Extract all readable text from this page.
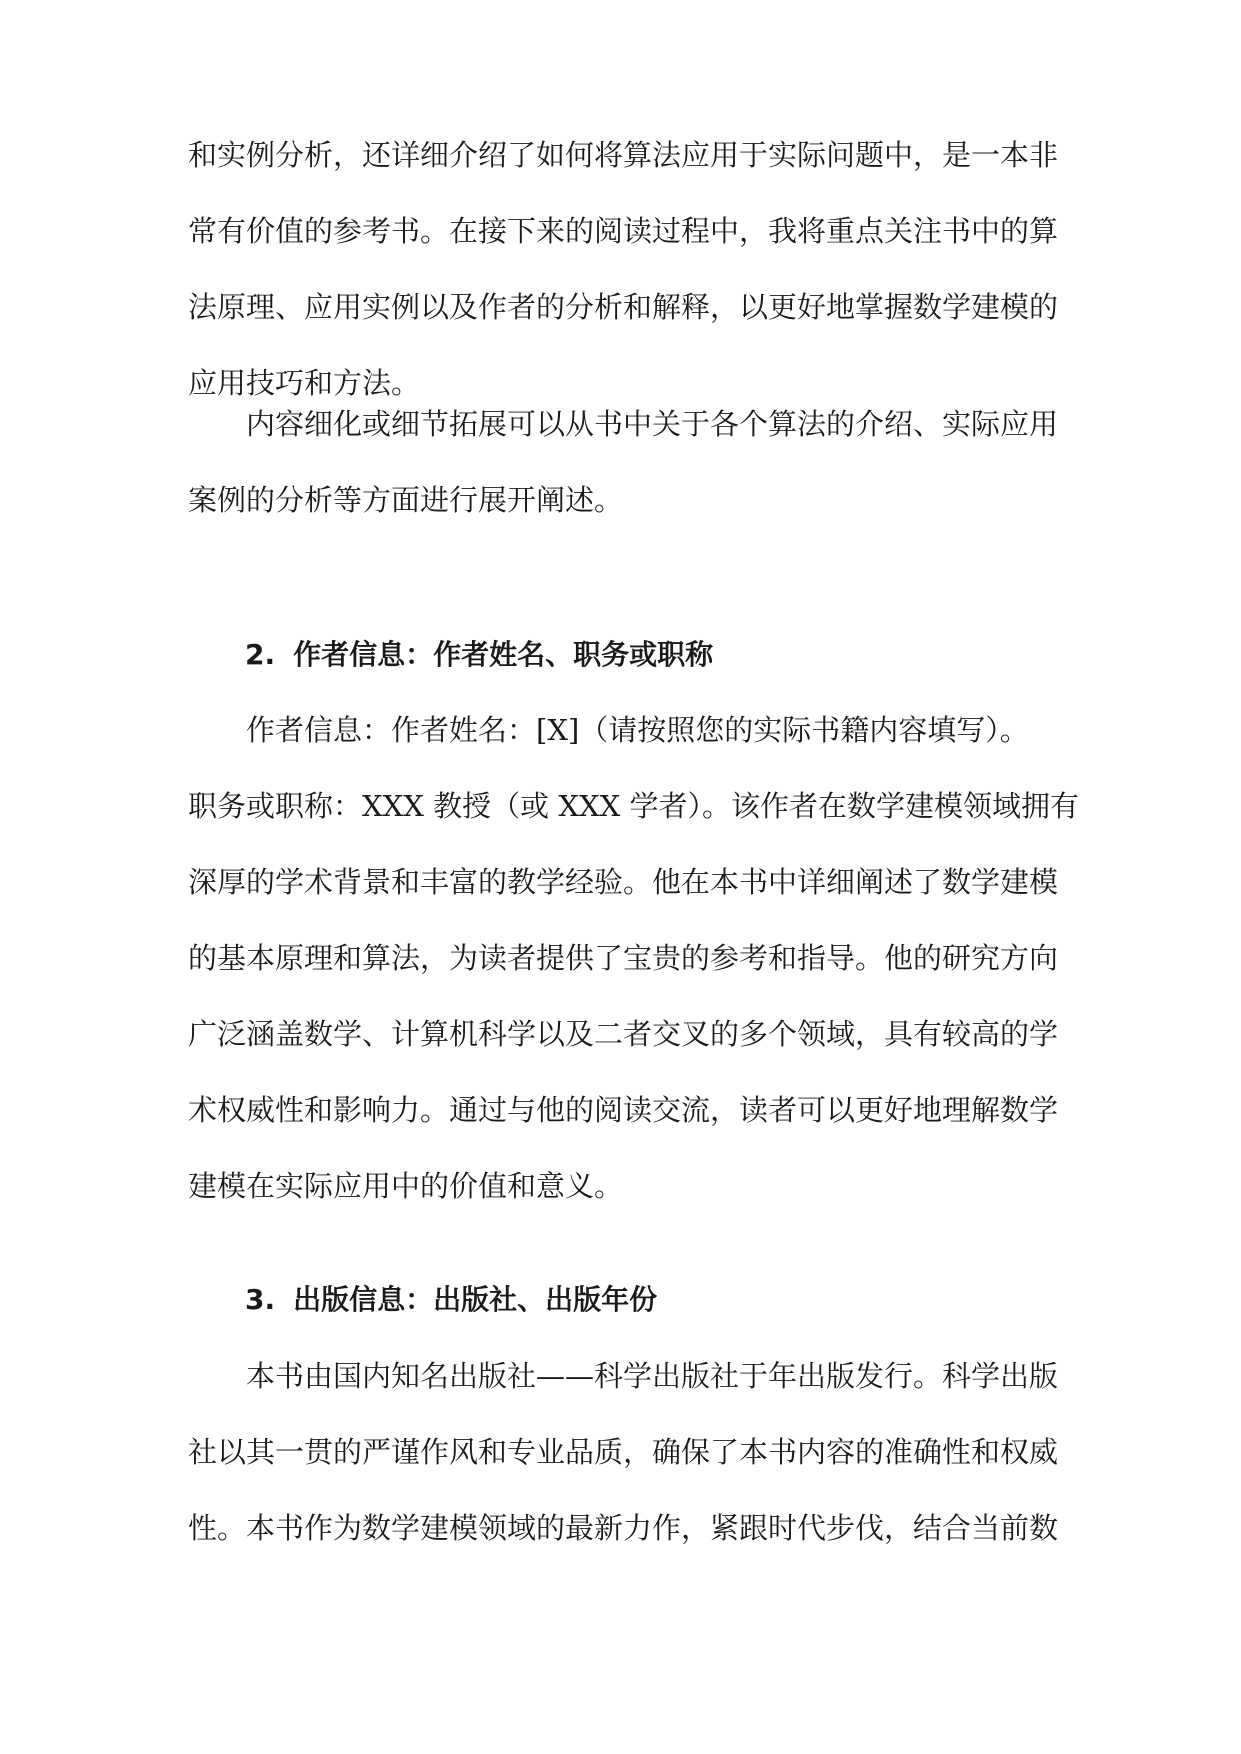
和实例分析，还详细介绍了如何将算法应用于实际问题中，是一本非
常有价值的参考书。在接下来的阅读过程中，我将重点关注书中的算
法原理、应用实例以及作者的分析和解释，以更好地掌握数学建模的
应用技巧和方法。
内容细化或细节拓展可以从书中关于各个算法的介绍、实际应用
案例的分析等方面进行展开阐述。
2. 作者信息：作者姓名、职务或职称
作者信息：作者姓名：[X]（请按照您的实际书籍内容填写）。
职务或职称：XXX 教授（或 XXX 学者）。该作者在数学建模领域拥有
深厚的学术背景和丰富的教学经验。他在本书中详细阐述了数学建模
的基本原理和算法，为读者提供了宝贵的参考和指导。他的研究方向
广泛涵盖数学、计算机科学以及二者交叉的多个领域，具有较高的学
术权威性和影响力。通过与他的阅读交流，读者可以更好地理解数学
建模在实际应用中的价值和意义。
3. 出版信息：出版社、出版年份
本书由国内知名出版社——科学出版社于年出版发行。科学出版
社以其一贯的严谨作风和专业品质，确保了本书内容的准确性和权威
性。本书作为数学建模领域的最新力作，紧跟时代步伐，结合当前数
